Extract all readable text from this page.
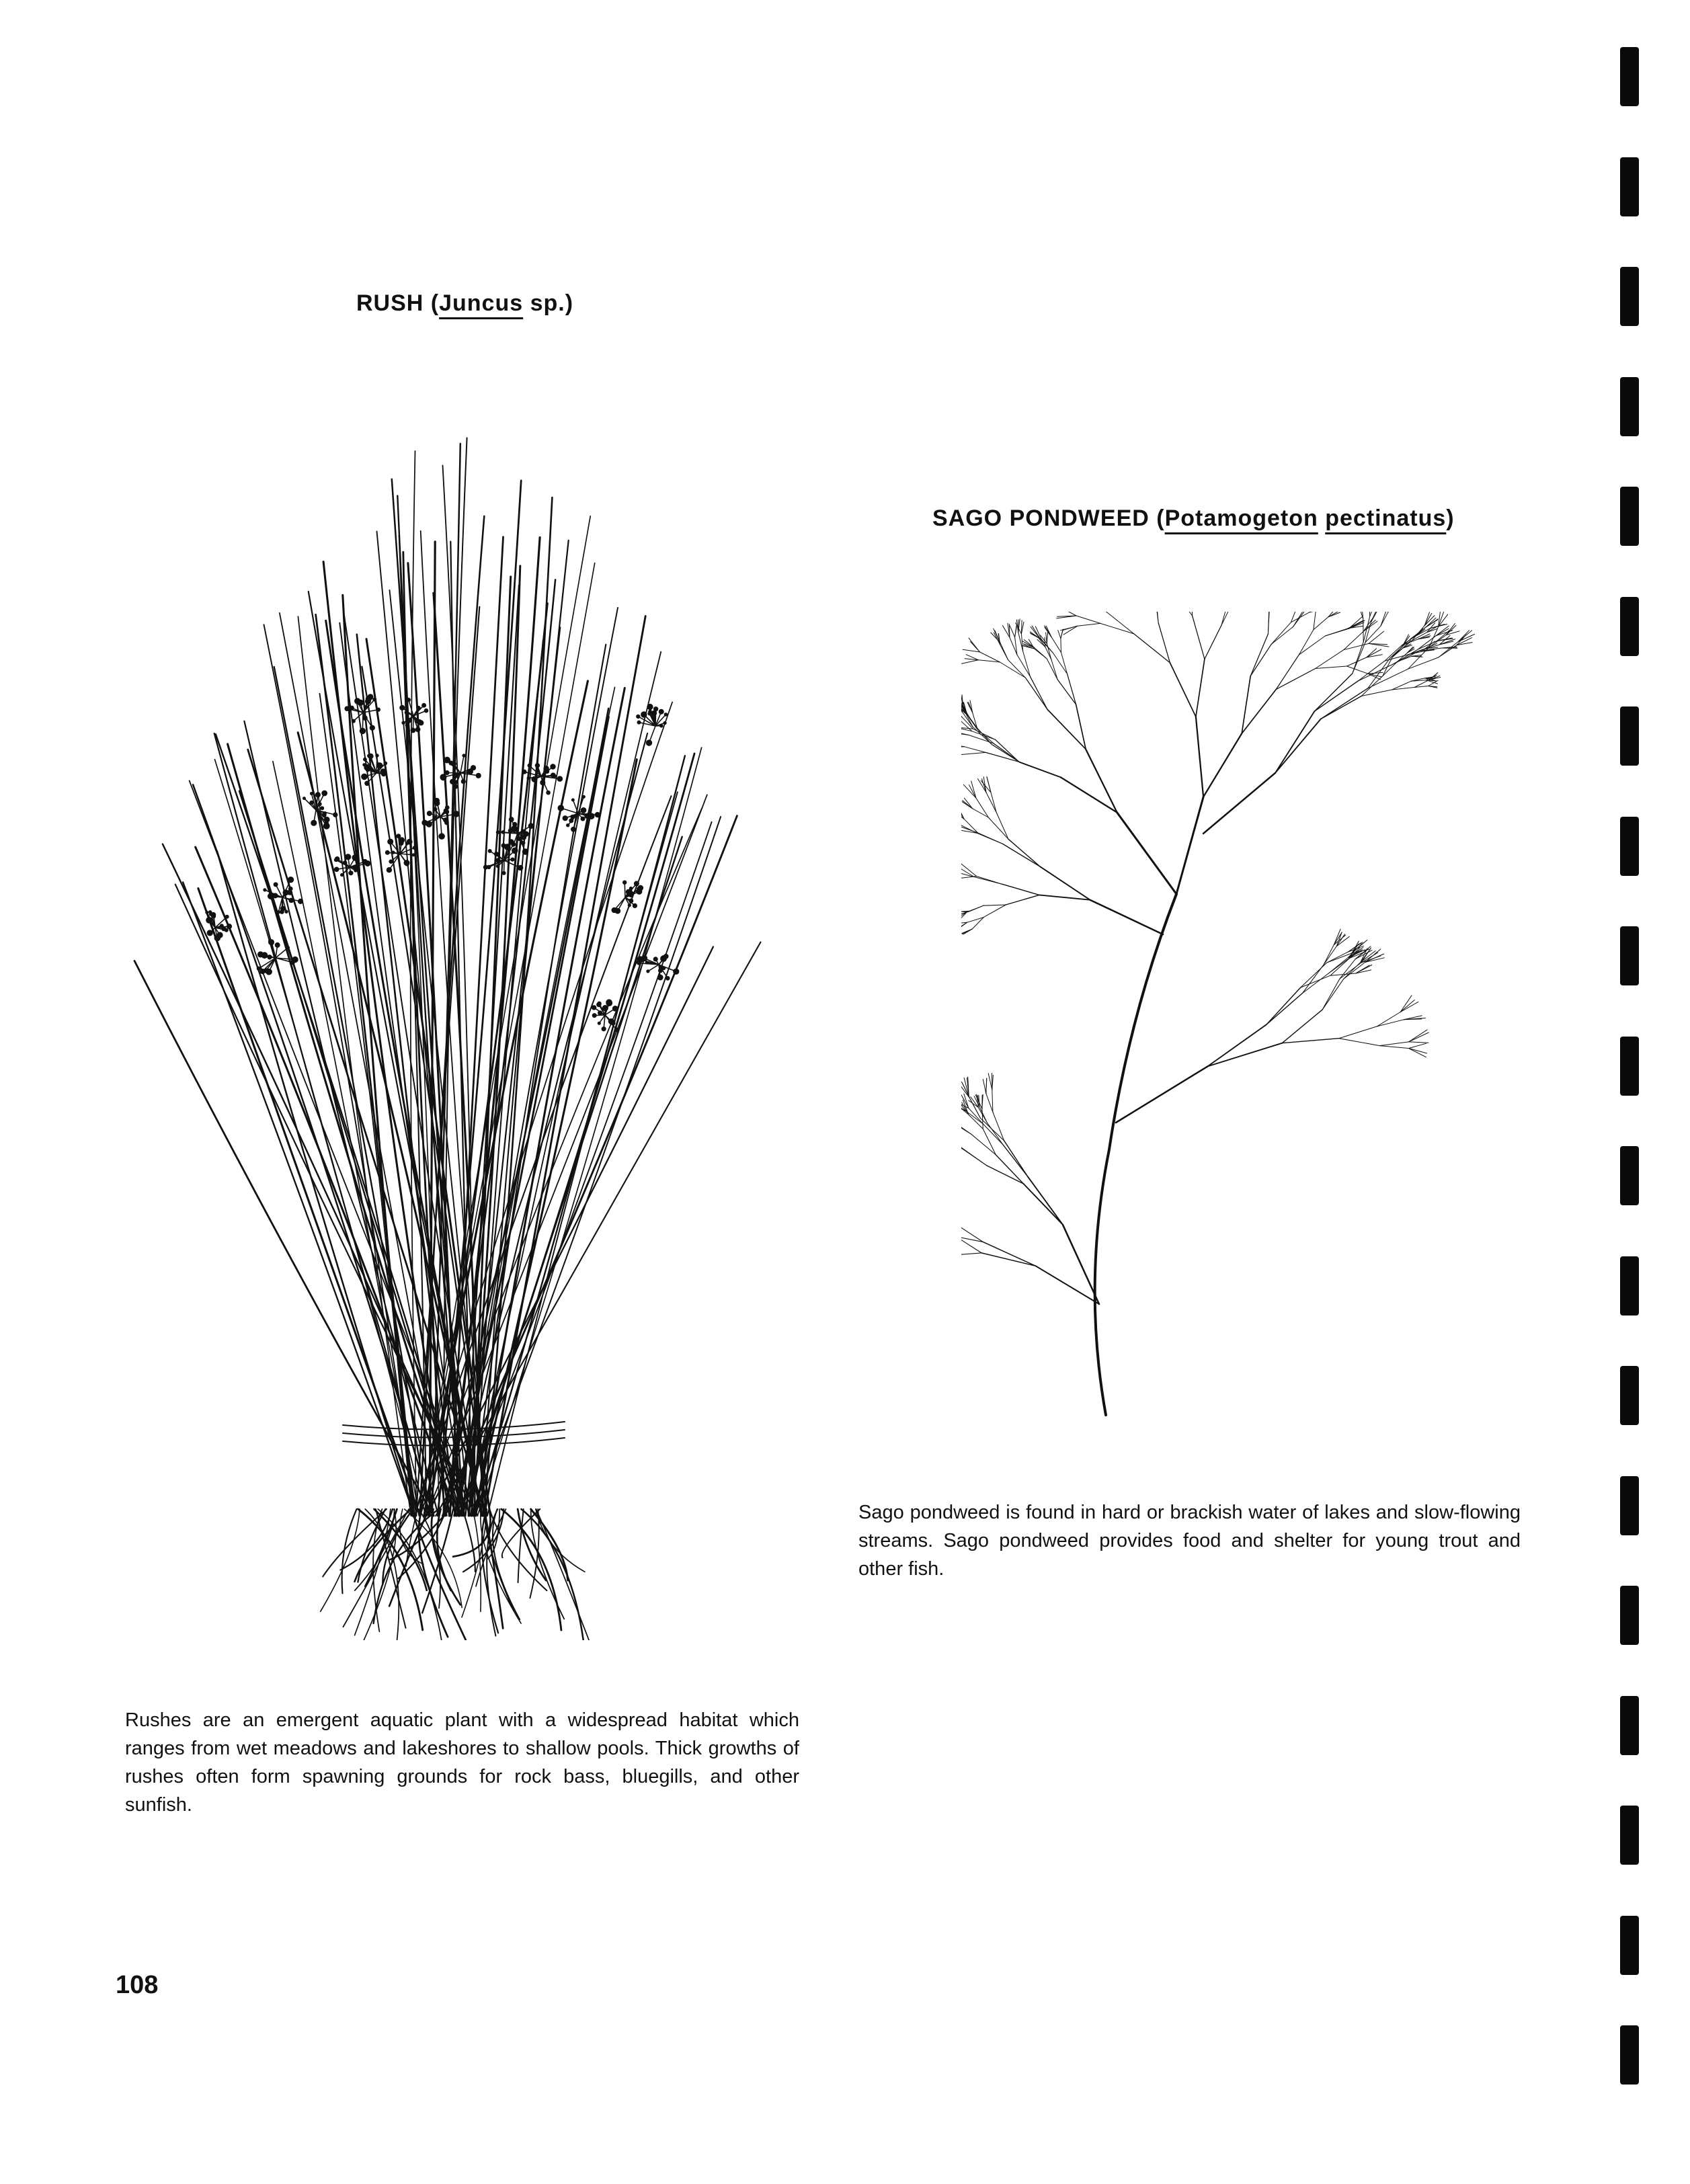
RUSH (Juncus sp.)
SAGO PONDWEED (Potamogeton pectinatus)
Sago pondweed is found in hard or brackish water of lakes and slow-flowing streams. Sago pondweed provides food and shelter for young trout and other fish.
Rushes are an emergent aquatic plant with a widespread habitat which ranges from wet meadows and lakeshores to shallow pools. Thick growths of rushes often form spawning grounds for rock bass, bluegills, and other sunfish.
108
